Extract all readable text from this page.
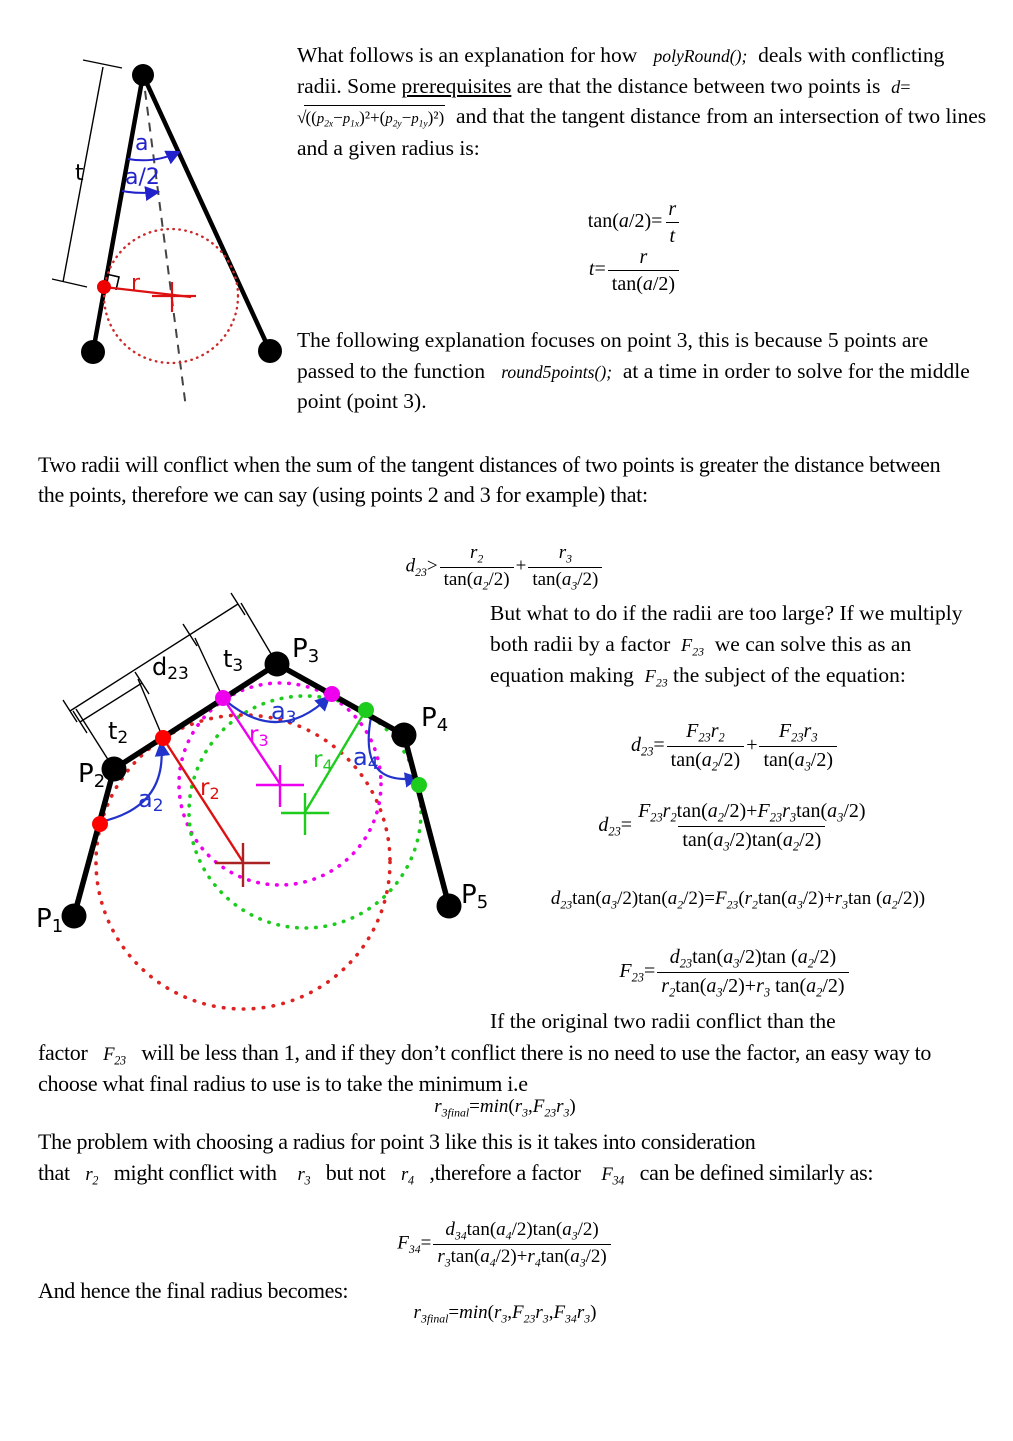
t
a
a/2
r
What follows is an explanation for how   polyRound();  deals with conflicting radii. Some prerequisites are that the distance between two points is  $d=√((p_{2x}-p_{1x})^2+(p_{2y}-p_{1y})^2)$  and that the tangent distance from an intersection of two lines and a given radius is:
$\tan(a/2)= \frac{r}{t}$
$t= \frac{r}{\tan(a/2)}$
The following explanation focuses on point 3, this is because 5 points are passed to the function   round5points();  at a time in order to solve for the middle point (point 3).
Two radii will conflict when the sum of the tangent distances of two points is greater the distance between the points, therefore we can say (using points 2 and 3 for example) that:
$d_{23}> \frac{r_2}{\tan(a_2/2)} + \frac{r_3}{\tan(a_3/2)}$
P1
P2
P3
P4
P5
d23
t3
t2
a2
a3
a4
r2
r3
r4
But what to do if the radii are too large? If we multiply both radii by a factor  $F_{23}$  we can solve this as an equation making  $F_{23}$ the subject of the equation:
$d_{23}= \frac{F_{23}r_2}{\tan(a_2/2)} + \frac{F_{23}r_3}{\tan(a_3/2)}$
$d_{23}= \frac{F_{23}r_2\tan(a_2/2)+F_{23}r_3\tan(a_3/2)}{\tan(a_3/2)\tan(a_2/2)}$
$d_{23}\tan(a_3/2)\tan(a_2/2)=F_{23}(r_2\tan(a_3/2)+r_3\tan$ $(a_2/2)$)
$F_{23}= \frac{d_{23}\tan(a_3/2)\tan (a_2/2)}{r_2\tan(a_3/2)+r_3 \tan(a_2/2)}$
If the original two radii conflict than the
factor   $F_{23}$   will be less than 1, and if they don’t conflict there is no need to use the factor, an easy way to choose what final radius to use is to take the minimum i.e
$r_{3final}=\min(r_3,F_{23}r_3)$
The problem with choosing a radius for point 3 like this is it takes into consideration
that   $r_2$   might conflict with    $r_3$   but not   $r_4$   ,therefore a factor    $F_{34}$   can be defined similarly as:
$F_{34}= \frac{d_{34}\tan(a_4/2)\tan(a_3/2)}{r_3\tan(a_4/2)+r_4\tan(a_3/2)}$
And hence the final radius becomes:
$r_{3final}=\min(r_3,F_{23}r_3,F_{34}r_3)$
